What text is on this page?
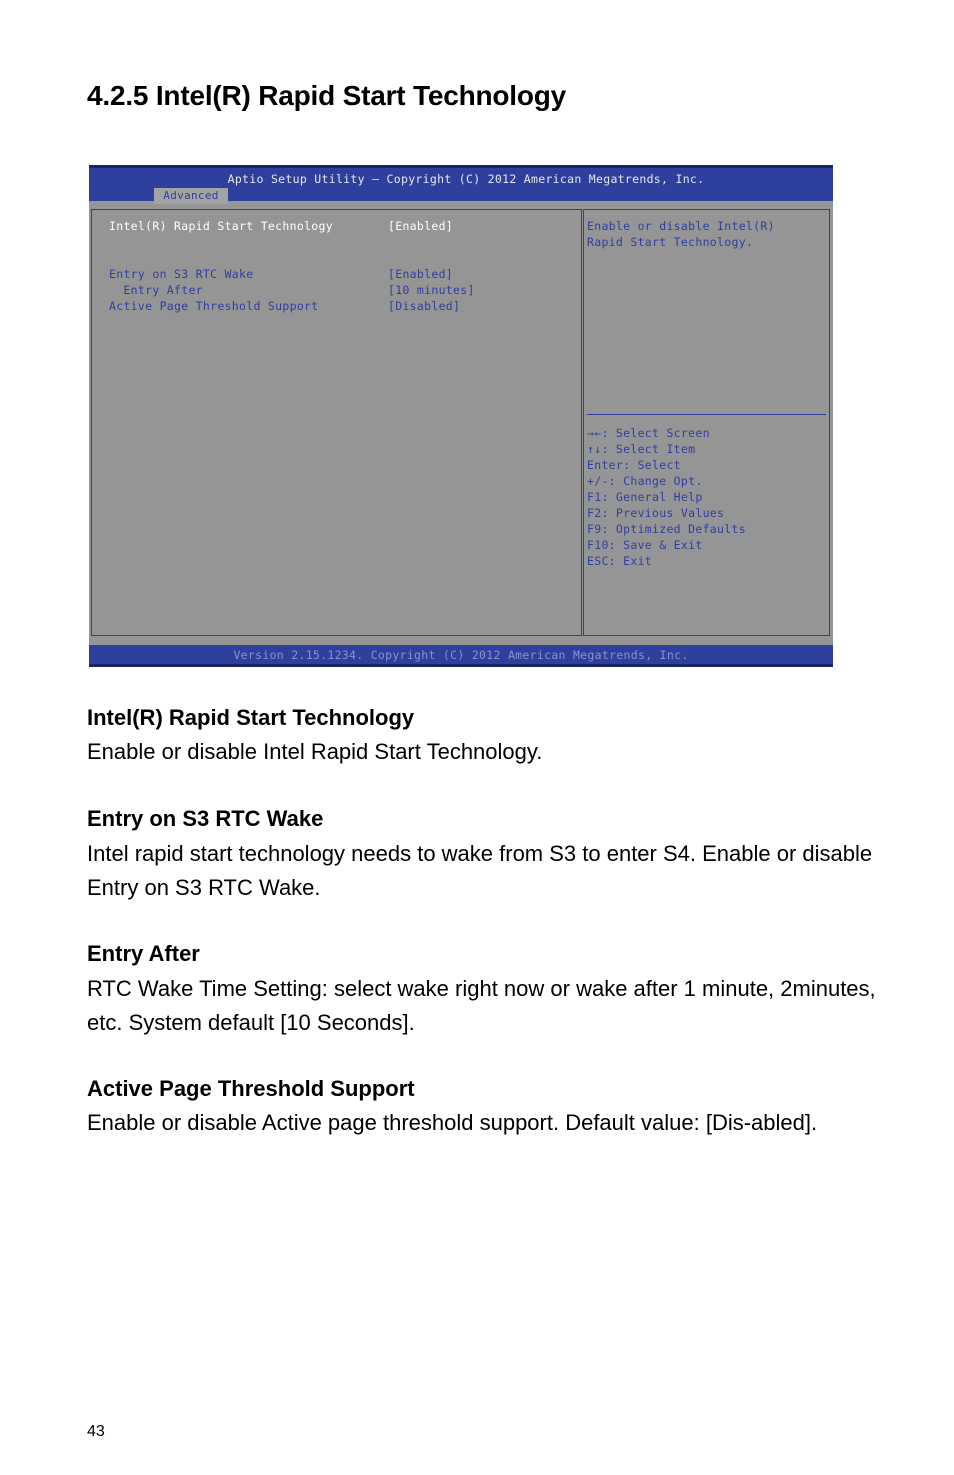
4.2.5 Intel(R) Rapid Start Technology
Aptio Setup Utility – Copyright (C) 2012 American Megatrends, Inc.
Advanced
Intel(R) Rapid Start Technology	[Enabled]
Entry on S3 RTC Wake	[Enabled]
Entry After	[10 minutes]
Active Page Threshold Support	[Disabled]
Enable or disable Intel(R)
Rapid Start Technology.
→←: Select Screen
↑↓: Select Item
Enter: Select
+/-: Change Opt.
F1: General Help
F2: Previous Values
F9: Optimized Defaults
F10: Save & Exit
ESC: Exit
Version 2.15.1234. Copyright (C) 2012 American Megatrends, Inc.
Intel(R) Rapid Start Technology

Enable or disable Intel Rapid Start Technology.

Entry on S3 RTC Wake

Intel rapid start technology needs to wake from S3 to enter S4. Enable or disable Entry on S3 RTC Wake.

Entry After

RTC Wake Time Setting: select wake right now or wake after 1 minute, 2minutes, etc. System default [10 Seconds].

Active Page Threshold Support

Enable or disable Active page threshold support. Default value: [Dis-abled].

43
